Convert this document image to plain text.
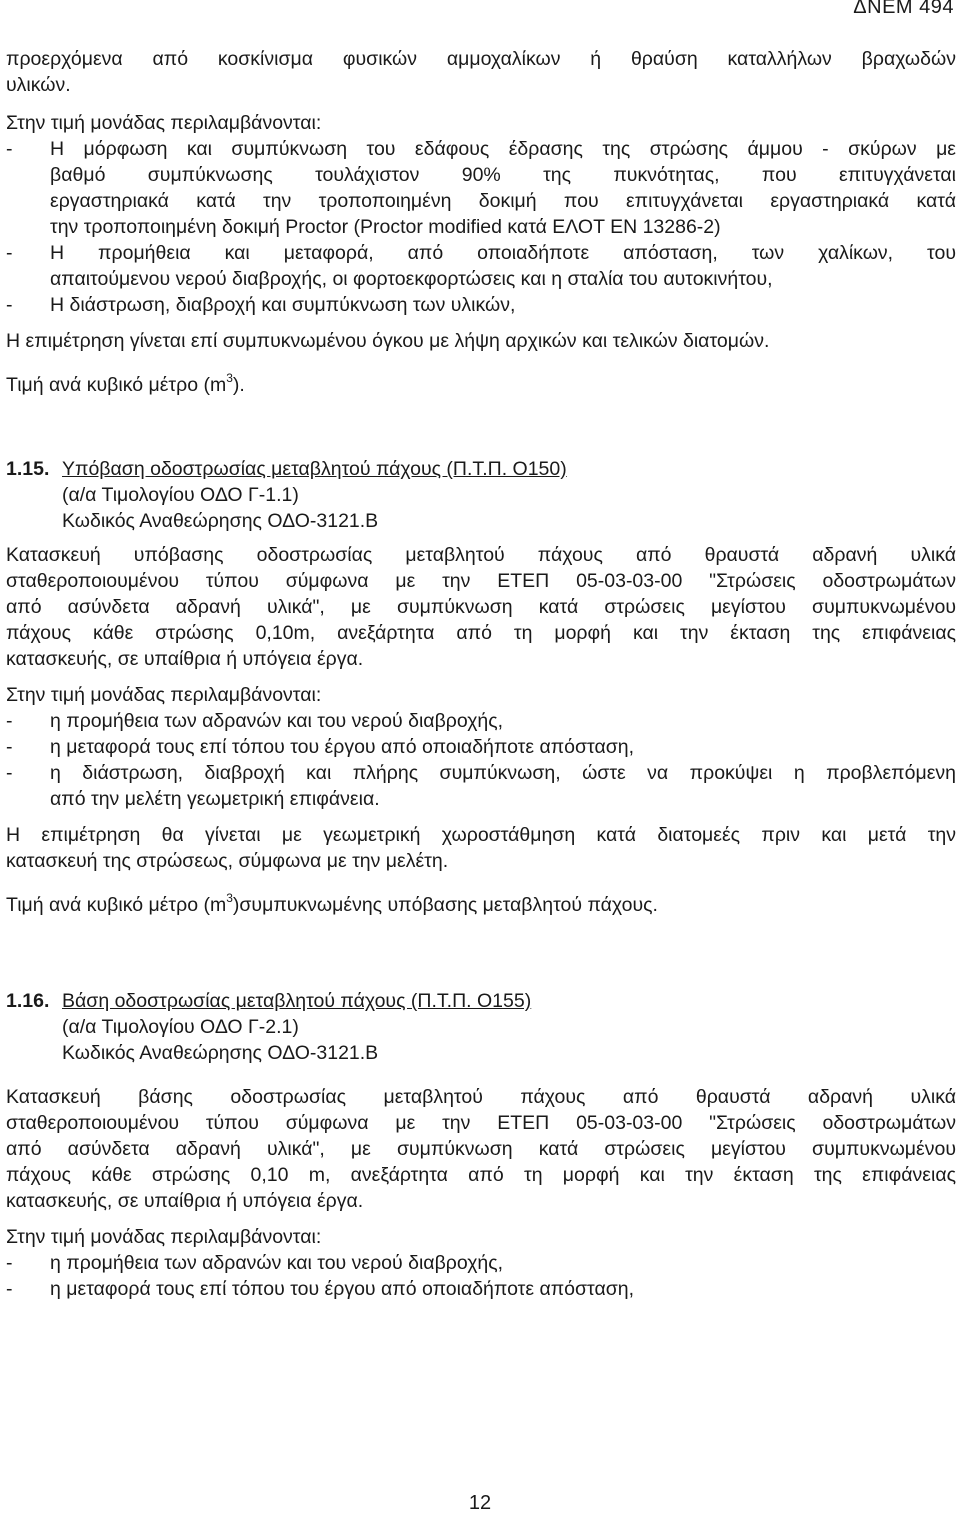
ΔΝΕΜ 494

προερχόμενα από κοσκίνισμα φυσικών αμμοχαλίκων ή θραύση καταλλήλων βραχωδών

υλικών.

Στην τιμή μονάδας περιλαμβάνονται:

-	Η μόρφωση και συμπύκνωση του εδάφους έδρασης της στρώσης άμμου - σκύρων με

βαθμό συμπύκνωσης τουλάχιστον 90% της πυκνότητας, που επιτυγχάνεται

εργαστηριακά κατά την τροποποιημένη δοκιμή που επιτυγχάνεται εργαστηριακά κατά

την τροποποιημένη δοκιμή Proctor (Proctor modified κατά ΕΛΟΤ ΕΝ 13286-2)

-	Η προμήθεια και μεταφορά, από οποιαδήποτε απόσταση, των χαλίκων, του

απαιτούμενου νερού διαβροχής, οι φορτοεκφορτώσεις και η σταλία του αυτοκινήτου,

-	Η διάστρωση, διαβροχή και συμπύκνωση των υλικών,

Η επιμέτρηση γίνεται επί συμπυκνωμένου όγκου με λήψη αρχικών και τελικών διατομών.

Τιμή ανά κυβικό μέτρο $(m^3)$.

1.15. Υπόβαση οδοστρωσίας μεταβλητού πάχους (Π.Τ.Π. Ο150)

(α/α Τιμολογίου ΟΔΟ Γ-1.1)

Κωδικός Αναθεώρησης ΟΔΟ-3121.Β

Κατασκευή υπόβασης οδοστρωσίας μεταβλητού πάχους από θραυστά αδρανή υλικά

σταθεροποιουμένου τύπου σύμφωνα με την ΕΤΕΠ 05-03-03-00 "Στρώσεις οδοστρωμάτων

από ασύνδετα αδρανή υλικά", με συμπύκνωση κατά στρώσεις μεγίστου συμπυκνωμένου

πάχους κάθε στρώσης 0,10m, ανεξάρτητα από τη μορφή και την έκταση της επιφάνειας

κατασκευής, σε υπαίθρια ή υπόγεια έργα.

Στην τιμή μονάδας περιλαμβάνονται:

-	η προμήθεια των αδρανών και του νερού διαβροχής,

-	η μεταφορά τους επί τόπου του έργου από οποιαδήποτε απόσταση,

-	η διάστρωση, διαβροχή και πλήρης συμπύκνωση, ώστε να προκύψει η προβλεπόμενη

από την μελέτη γεωμετρική επιφάνεια.

Η επιμέτρηση θα γίνεται με γεωμετρική χωροστάθμηση κατά διατομεές πριν και μετά την

κατασκευή της στρώσεως, σύμφωνα με την μελέτη.

Τιμή ανά κυβικό μέτρο $(m^3)\sigma\upsilon\mu\pi\upsilon\kappa\nu\omega\mu έ\nu\eta\varsigma$ υπόβασης μεταβλητού πάχους.

1.16. Βάση οδοστρωσίας μεταβλητού πάχους (Π.Τ.Π. Ο155)

(α/α Τιμολογίου ΟΔΟ Γ-2.1)

Κωδικός Αναθεώρησης ΟΔΟ-3121.Β

Κατασκευή βάσης οδοστρωσίας μεταβλητού πάχους από θραυστά αδρανή υλικά

σταθεροποιουμένου τύπου σύμφωνα με την ΕΤΕΠ 05-03-03-00 "Στρώσεις οδοστρωμάτων

από ασύνδετα αδρανή υλικά", με συμπύκνωση κατά στρώσεις μεγίστου συμπυκνωμένου

πάχους κάθε στρώσης 0,10 m, ανεξάρτητα από τη μορφή και την έκταση της επιφάνειας

κατασκευής, σε υπαίθρια ή υπόγεια έργα.

Στην τιμή μονάδας περιλαμβάνονται:

-	η προμήθεια των αδρανών και του νερού διαβροχής,

-	η μεταφορά τους επί τόπου του έργου από οποιαδήποτε απόσταση,

12
